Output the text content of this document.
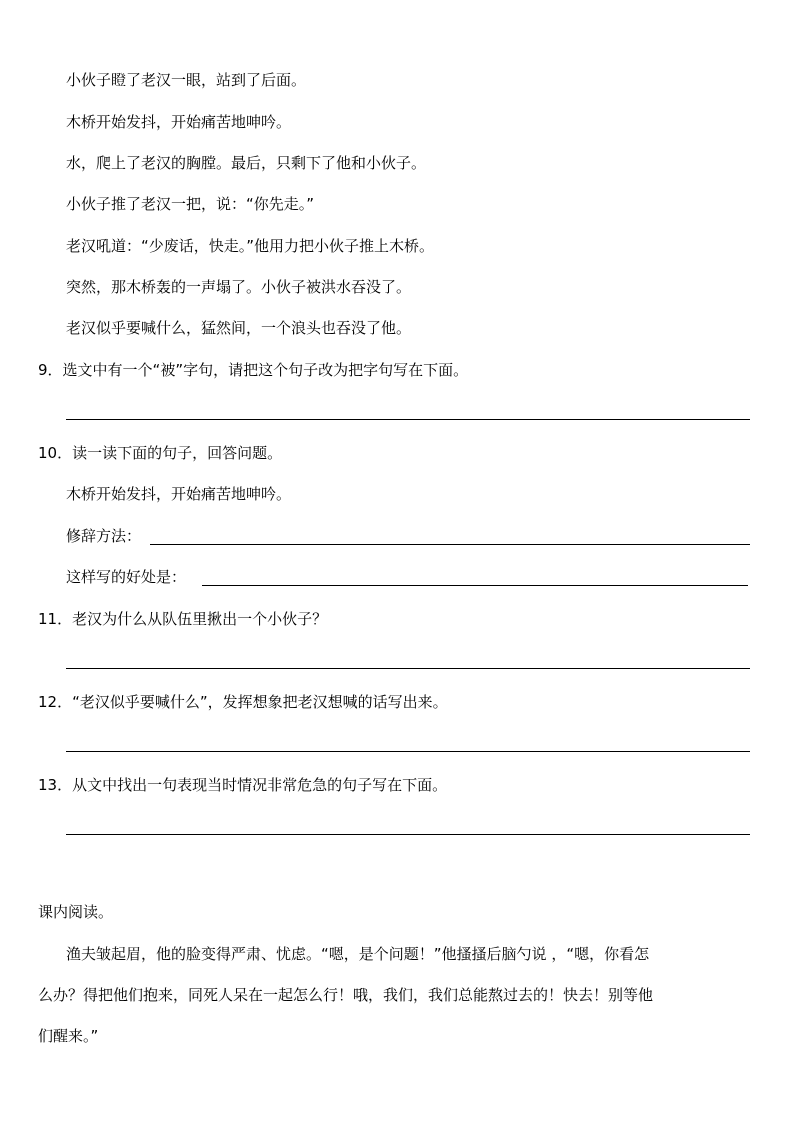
小伙子瞪了老汉一眼，站到了后面。
木桥开始发抖，开始痛苦地呻吟。
水，爬上了老汉的胸膛。最后，只剩下了他和小伙子。
小伙子推了老汉一把，说：“你先走。”
老汉吼道：“少废话，快走。”他用力把小伙子推上木桥。
突然，那木桥轰的一声塌了。小伙子被洪水吞没了。
老汉似乎要喊什么，猛然间，一个浪头也吞没了他。
9．选文中有一个“被”字句，请把这个句子改为把字句写在下面。
10．读一读下面的句子，回答问题。
木桥开始发抖，开始痛苦地呻吟。
修辞方法：
这样写的好处是：
11．老汉为什么从队伍里揪出一个小伙子？
12．“老汉似乎要喊什么”，发挥想象把老汉想喊的话写出来。
13．从文中找出一句表现当时情况非常危急的句子写在下面。
课内阅读。
渔夫皱起眉，他的脸变得严肃、忧虑。“嗯，是个问题！”他搔搔后脑勺说 ，“嗯，你看怎
么办？得把他们抱来，同死人呆在一起怎么行！哦，我们，我们总能熬过去的！快去！别等他
们醒来。”
